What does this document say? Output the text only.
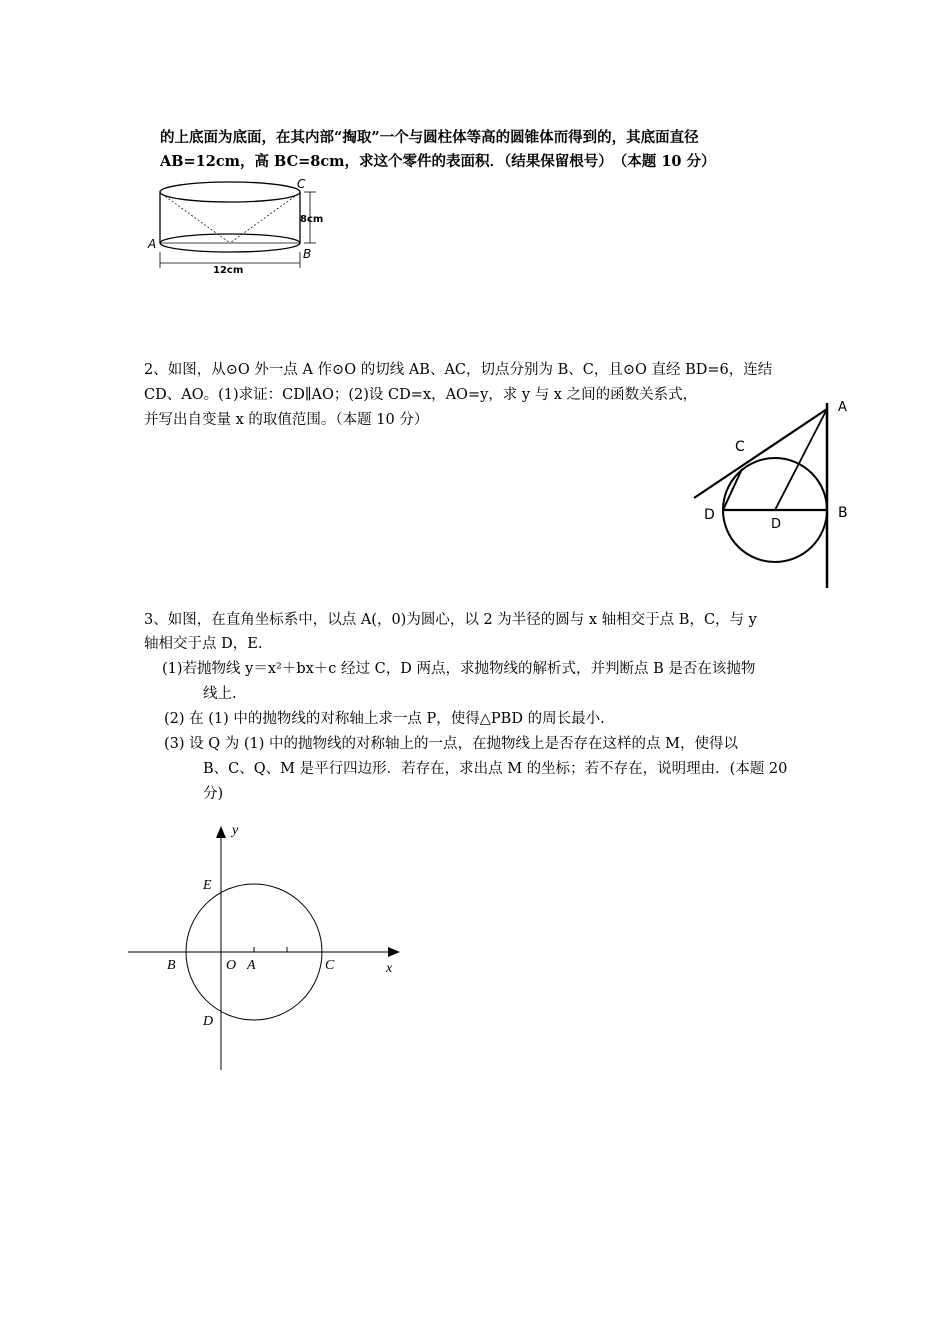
的上底面为底面，在其内部“掏取”一个与圆柱体等高的圆锥体而得到的，其底面直径
AB=12cm，高 BC=8cm，求这个零件的表面积．（结果保留根号）　（本题 10 分）
C
A
B
8cm
12cm
2、如图，从⊙O 外一点 A 作⊙O 的切线 AB、AC，切点分别为 B、C，且⊙O 直经 BD=6，连结
CD、AO。(1)求证：CD∥AO；(2)设 CD=x，AO=y，求 y 与 x 之间的函数关系式，
并写出自变量 x 的取值范围。（本题 10 分）
A
B
C
D
D
3、如图，在直角坐标系中，以点 A(，0)为圆心，以 2 为半径的圆与 x 轴相交于点 B，C，与 y
轴相交于点 D，E.
(1)若抛物线 y＝x²＋bx＋c 经过 C，D 两点，求抛物线的解析式，并判断点 B 是否在该抛物
线上.
(2) 在 (1) 中的抛物线的对称轴上求一点 P，使得△PBD 的周长最小.
(3) 设 Q 为 (1) 中的抛物线的对称轴上的一点，在抛物线上是否存在这样的点 M，使得以
B、C、Q、M 是平行四边形．若存在，求出点 M 的坐标；若不存在，说明理由．(本题 20
分)
y
x
E
B	O A	C
D
